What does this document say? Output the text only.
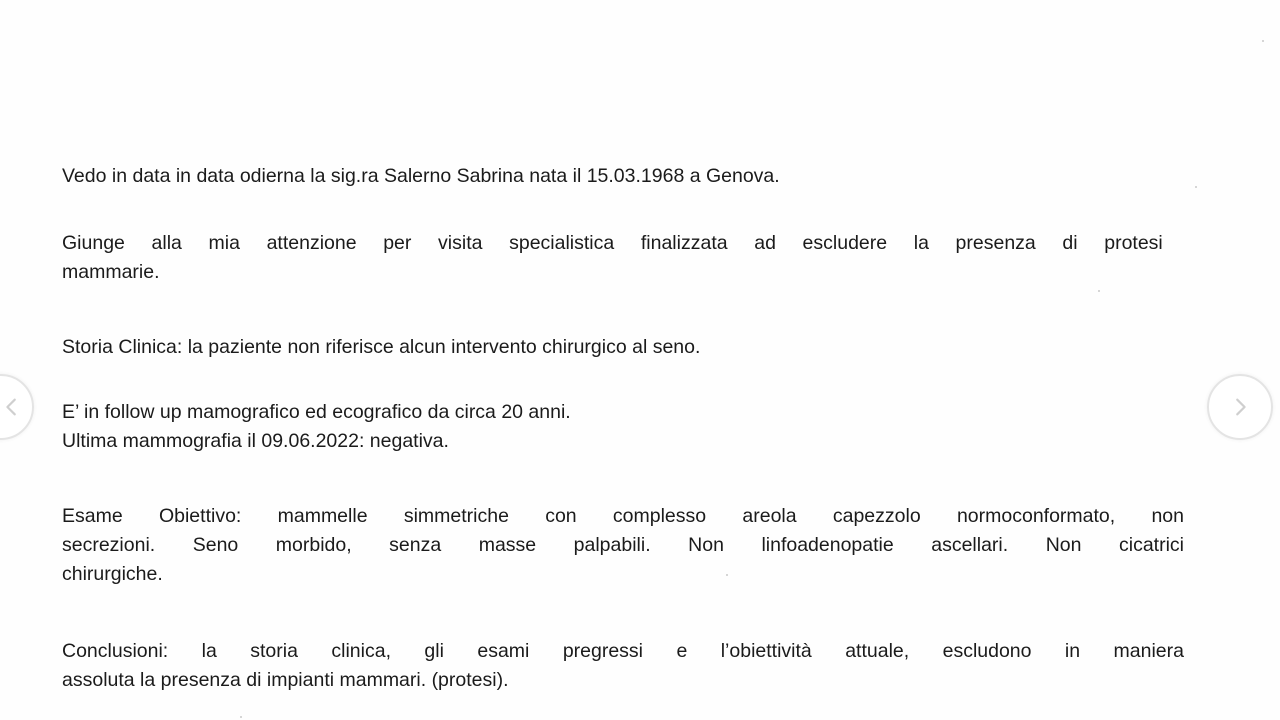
Vedo in data in data odierna la sig.ra Salerno Sabrina nata il 15.03.1968 a Genova.

Giunge alla mia attenzione per visita specialistica finalizzata ad escludere la presenza di protesi
mammarie.

Storia Clinica: la paziente non riferisce alcun intervento chirurgico al seno.

E’ in follow up mamografico ed ecografico da circa 20 anni.
Ultima mammografia il 09.06.2022: negativa.

Esame Obiettivo: mammelle simmetriche con complesso areola capezzolo normoconformato, non
secrezioni. Seno morbido, senza masse palpabili. Non linfoadenopatie ascellari. Non cicatrici
chirurgiche.

Conclusioni: la storia clinica, gli esami pregressi e l’obiettività attuale, escludono in maniera
assoluta la presenza di impianti mammari. (protesi).
